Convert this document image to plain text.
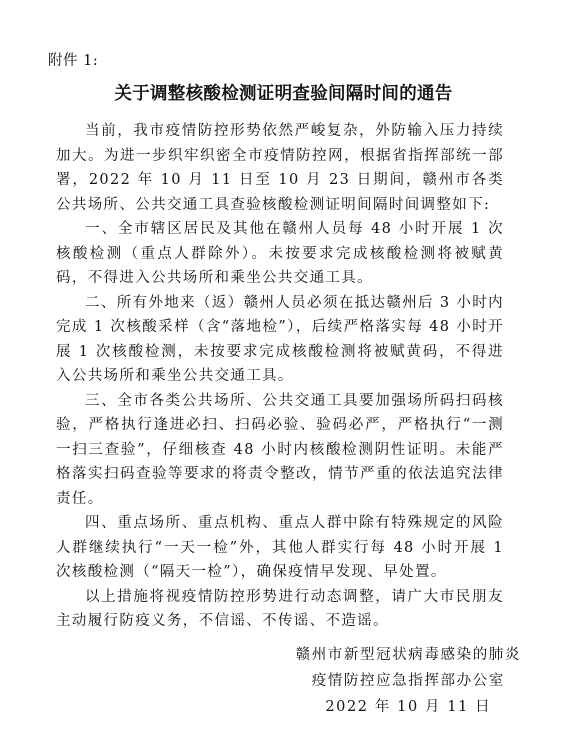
附件 1:
关于调整核酸检测证明查验间隔时间的通告

当前，我市疫情防控形势依然严峻复杂，外防输入压力持续加大。为进一步织牢织密全市疫情防控网，根据省指挥部统一部署，2022 年 10 月 11 日至 10 月 23 日期间，赣州市各类公共场所、公共交通工具查验核酸检测证明间隔时间调整如下:

一、全市辖区居民及其他在赣州人员每 48 小时开展 1 次核酸检测（重点人群除外）。未按要求完成核酸检测将被赋黄码，不得进入公共场所和乘坐公共交通工具。

二、所有外地来（返）赣州人员必须在抵达赣州后 3 小时内完成 1 次核酸采样（含“落地检”），后续严格落实每 48 小时开展 1 次核酸检测，未按要求完成核酸检测将被赋黄码，不得进入公共场所和乘坐公共交通工具。

三、全市各类公共场所、公共交通工具要加强场所码扫码核验，严格执行逢进必扫、扫码必验、验码必严，严格执行“一测一扫三查验”，仔细核查 48 小时内核酸检测阴性证明。未能严格落实扫码查验等要求的将责令整改，情节严重的依法追究法律责任。

四、重点场所、重点机构、重点人群中除有特殊规定的风险人群继续执行“一天一检”外，其他人群实行每 48 小时开展 1 次核酸检测（“隔天一检”），确保疫情早发现、早处置。

以上措施将视疫情防控形势进行动态调整，请广大市民朋友主动履行防疫义务，不信谣、不传谣、不造谣。

赣州市新型冠状病毒感染的肺炎
疫情防控应急指挥部办公室
2022 年 10 月 11 日
